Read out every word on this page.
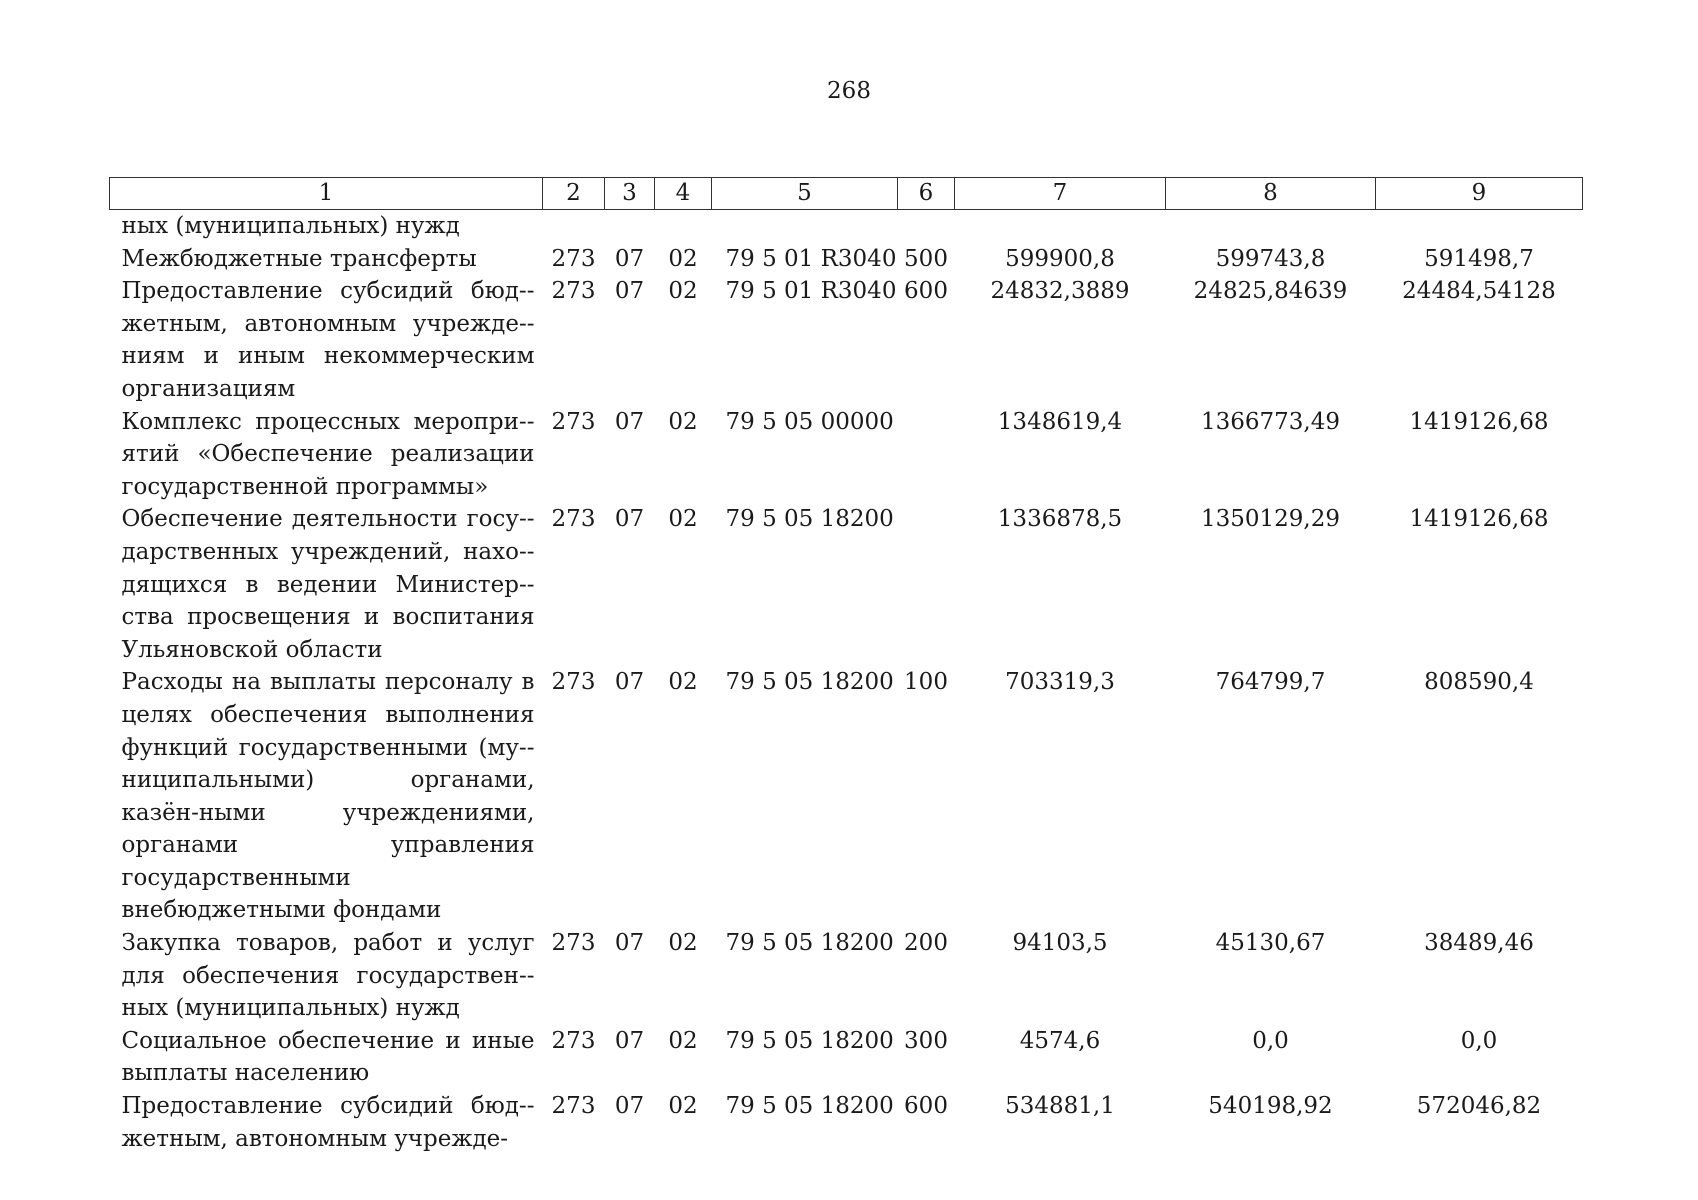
268
1	2	3	4	5	6	7	8	9
ных (муниципальных) нужд								
Межбюджетные трансферты	273	07	02	79 5 01 R3040	500	599900,8	599743,8	591498,7
Предоставление субсидий бюд-жетным, автономным учрежде-ниям и иным некоммерческим организациям	273	07	02	79 5 01 R3040	600	24832,3889	24825,84639	24484,54128
Комплекс процессных меропри-ятий «Обеспечение реализации государственной программы»	273	07	02	79 5 05 00000		1348619,4	1366773,49	1419126,68
Обеспечение деятельности госу-дарственных учреждений, нахо-дящихся в ведении Министер-ства просвещения и воспитания Ульяновской области	273	07	02	79 5 05 18200		1336878,5	1350129,29	1419126,68
Расходы на выплаты персоналу в целях обеспечения выполнения функций государственными (му-ниципальными) органами, казён-ными учреждениями, органами управления государственными внебюджетными фондами	273	07	02	79 5 05 18200	100	703319,3	764799,7	808590,4
Закупка товаров, работ и услуг для обеспечения государствен-ных (муниципальных) нужд	273	07	02	79 5 05 18200	200	94103,5	45130,67	38489,46
Социальное обеспечение и иные выплаты населению	273	07	02	79 5 05 18200	300	4574,6	0,0	0,0
Предоставление субсидий бюд-жетным, автономным учрежде-	273	07	02	79 5 05 18200	600	534881,1	540198,92	572046,82
